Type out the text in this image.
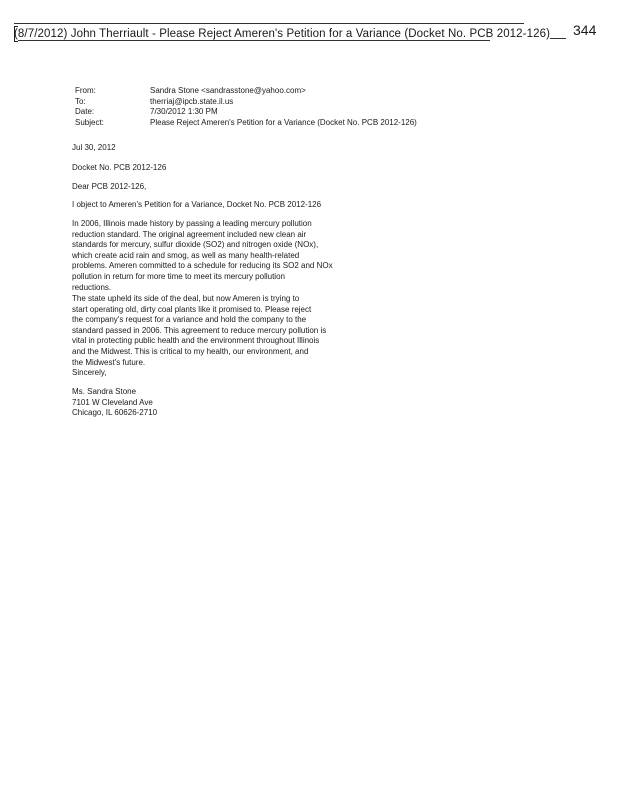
(8/7/2012) John Therriault - Please Reject Ameren's Petition for a Variance (Docket No. PCB 2012-126) 344
From:	Sandra Stone <sandrasstone@yahoo.com>
To:	therriaj@ipcb.state.il.us
Date:	7/30/2012 1:30 PM
Subject:	Please Reject Ameren's Petition for a Variance (Docket No. PCB 2012-126)
Jul 30, 2012
Docket No. PCB 2012-126
Dear PCB 2012-126,
I object to Ameren's Petition for a Variance, Docket No. PCB 2012-126
In 2006, Illinois made history by passing a leading mercury pollution
reduction standard. The original agreement included new clean air
standards for mercury, sulfur dioxide (SO2) and nitrogen oxide (NOx),
which create acid rain and smog, as well as many health-related
problems. Ameren committed to a schedule for reducing its SO2 and NOx
pollution in return for more time to meet its mercury pollution
reductions.
The state upheld its side of the deal, but now Ameren is trying to
start operating old, dirty coal plants like it promised to. Please reject
the company's request for a variance and hold the company to the
standard passed in 2006. This agreement to reduce mercury pollution is
vital in protecting public health and the environment throughout Illinois
and the Midwest. This is critical to my health, our environment, and
the Midwest's future.
Sincerely,
Ms. Sandra Stone
7101 W Cleveland Ave
Chicago, IL 60626-2710
